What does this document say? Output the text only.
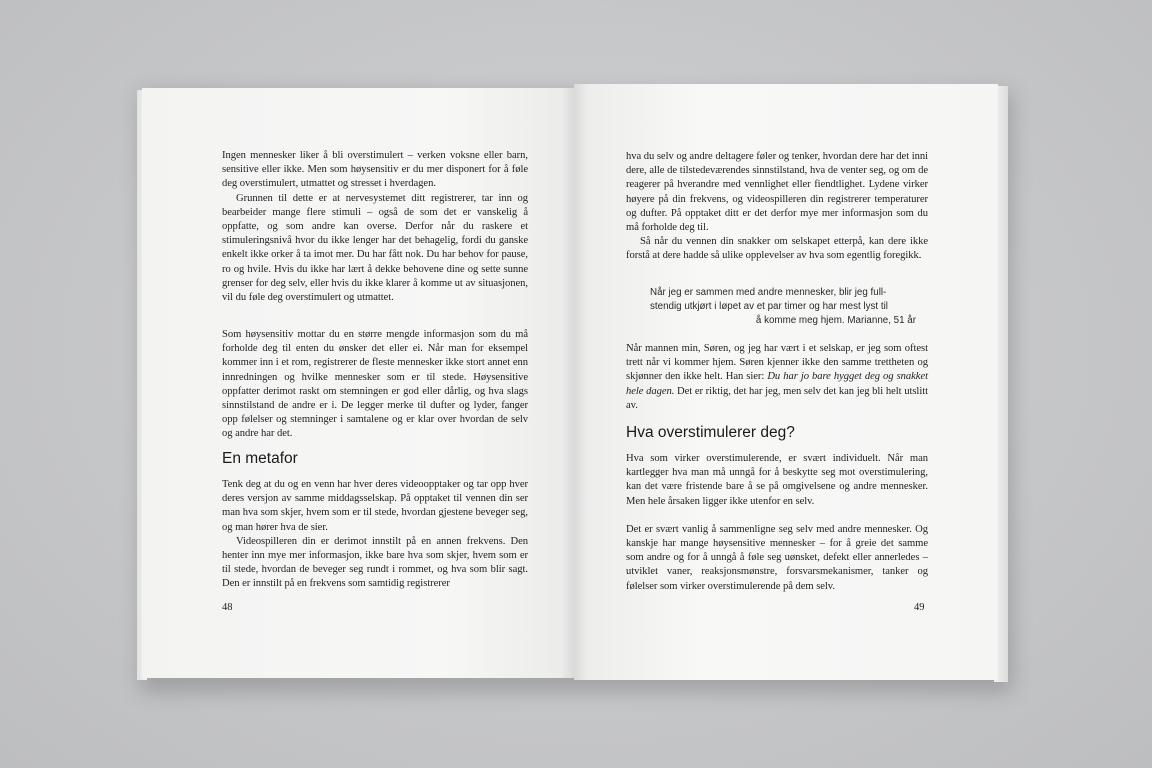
Ingen mennesker liker å bli overstimulert – verken voksne eller barn, sensitive eller ikke. Men som høysensitiv er du mer disponert for å føle deg overstimulert, utmattet og stresset i hverdagen.

Grunnen til dette er at nervesystemet ditt registrerer, tar inn og bearbeider mange flere stimuli – også de som det er vanskelig å oppfatte, og som andre kan overse. Derfor når du raskere et stimuleringsnivå hvor du ikke lenger har det behagelig, fordi du ganske enkelt ikke orker å ta imot mer. Du har fått nok. Du har behov for pause, ro og hvile. Hvis du ikke har lært å dekke behovene dine og sette sunne grenser for deg selv, eller hvis du ikke klarer å komme ut av situasjonen, vil du føle deg overstimulert og utmattet.

Som høysensitiv mottar du en større mengde informasjon som du må forholde deg til enten du ønsker det eller ei. Når man for eksempel kommer inn i et rom, registrerer de fleste mennesker ikke stort annet enn innredningen og hvilke mennesker som er til stede. Høysensitive oppfatter derimot raskt om stemningen er god eller dårlig, og hva slags sinnstilstand de andre er i. De legger merke til dufter og lyder, fanger opp følelser og stemninger i samtalene og er klar over hvordan de selv og andre har det.

En metafor

Tenk deg at du og en venn har hver deres videoopptaker og tar opp hver deres versjon av samme middagsselskap. På opptaket til vennen din ser man hva som skjer, hvem som er til stede, hvordan gjestene beveger seg, og man hører hva de sier.

Videospilleren din er derimot innstilt på en annen frekvens. Den henter inn mye mer informasjon, ikke bare hva som skjer, hvem som er til stede, hvordan de beveger seg rundt i rommet, og hva som blir sagt. Den er innstilt på en frekvens som samtidig registrerer

48

hva du selv og andre deltagere føler og tenker, hvordan dere har det inni dere, alle de tilstedeværendes sinnstilstand, hva de venter seg, og om de reagerer på hverandre med vennlighet eller fiendtlighet. Lydene virker høyere på din frekvens, og videospilleren din registrerer temperaturer og dufter. På opptaket ditt er det derfor mye mer informasjon som du må forholde deg til.

Så når du vennen din snakker om selskapet etterpå, kan dere ikke forstå at dere hadde så ulike opplevelser av hva som egentlig foregikk.

Når jeg er sammen med andre mennesker, blir jeg full-
stendig utkjørt i løpet av et par timer og har mest lyst til
å komme meg hjem. Marianne, 51 år

Når mannen min, Søren, og jeg har vært i et selskap, er jeg som oftest trett når vi kommer hjem. Søren kjenner ikke den samme trettheten og skjønner den ikke helt. Han sier: Du har jo bare hygget deg og snakket hele dagen. Det er riktig, det har jeg, men selv det kan jeg bli helt utslitt av.

Hva overstimulerer deg?

Hva som virker overstimulerende, er svært individuelt. Når man kartlegger hva man må unngå for å beskytte seg mot overstimulering, kan det være fristende bare å se på omgivelsene og andre mennesker. Men hele årsaken ligger ikke utenfor en selv.

Det er svært vanlig å sammenligne seg selv med andre mennesker. Og kanskje har mange høysensitive mennesker – for å greie det samme som andre og for å unngå å føle seg uønsket, defekt eller annerledes – utviklet vaner, reaksjonsmønstre, forsvarsmekanismer, tanker og følelser som virker overstimulerende på dem selv.

49
